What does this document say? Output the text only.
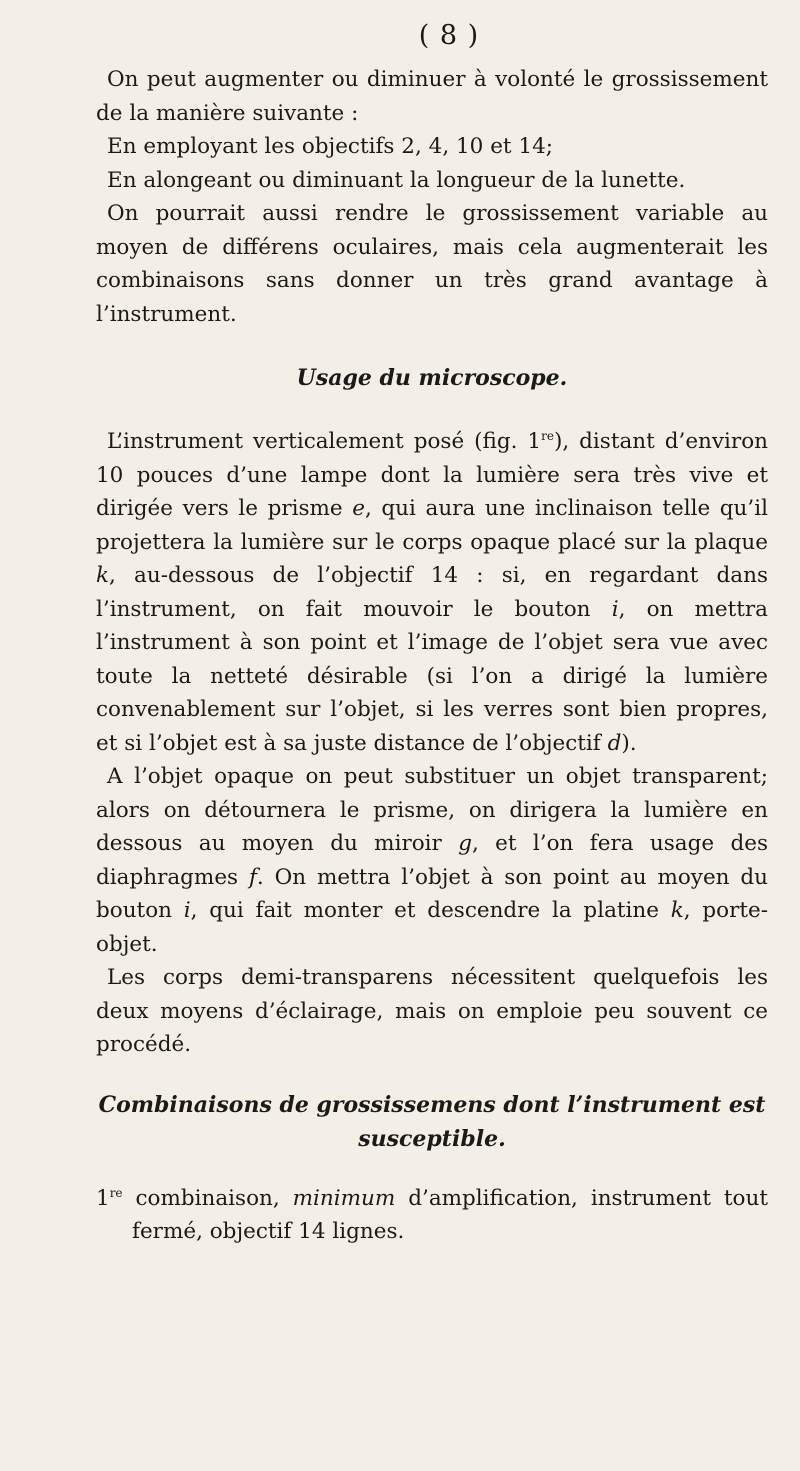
( 8 )

On peut augmenter ou diminuer à volonté le grossissement de la manière suivante :

En employant les objectifs 2, 4, 10 et 14;

En alongeant ou diminuant la longueur de la lunette.

On pourrait aussi rendre le grossissement variable au moyen de différens oculaires, mais cela augmenterait les combinaisons sans donner un très grand avantage à l’instrument.

Usage du microscope.

L’instrument verticalement posé (fig. 1re), distant d’environ 10 pouces d’une lampe dont la lumière sera très vive et dirigée vers le prisme e, qui aura une inclinaison telle qu’il projettera la lumière sur le corps opaque placé sur la plaque k, au-dessous de l’objectif 14 : si, en regardant dans l’instrument, on fait mouvoir le bouton i, on mettra l’instrument à son point et l’image de l’objet sera vue avec toute la netteté désirable (si l’on a dirigé la lumière convenablement sur l’objet, si les verres sont bien propres, et si l’objet est à sa juste distance de l’objectif d).

A l’objet opaque on peut substituer un objet transparent; alors on détournera le prisme, on dirigera la lumière en dessous au moyen du miroir g, et l’on fera usage des diaphragmes f. On mettra l’objet à son point au moyen du bouton i, qui fait monter et descendre la platine k, porte-objet.

Les corps demi-transparens nécessitent quelquefois les deux moyens d’éclairage, mais on emploie peu souvent ce procédé.

Combinaisons de grossissemens dont l’instrument est susceptible.

1re combinaison, minimum d’amplification, instrument tout fermé, objectif 14 lignes.
